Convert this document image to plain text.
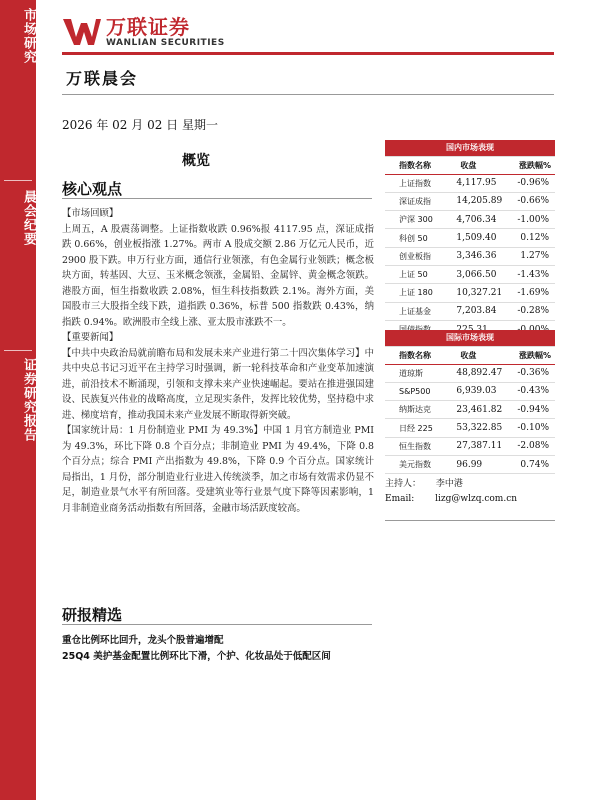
市场研究
晨会纪要
证券研究报告
万联证券
WANLIAN SECURITIES
万联晨会
2026 年 02 月 02 日 星期一
概览
核心观点

【市场回顾】

上周五，A 股震荡调整。上证指数收跌 0.96%报 4117.95 点，深证成指跌 0.66%，创业板指涨 1.27%。两市 A 股成交额 2.86 万亿元人民币，近 2900 股下跌。申万行业方面，通信行业领涨，有色金属行业领跌；概念板块方面，转基因、大豆、玉米概念领涨，金属铅、金属锌、黄金概念领跌。港股方面，恒生指数收跌 2.08%，恒生科技指数跌 2.1%。海外方面，美国股市三大股指全线下跌，道指跌 0.36%，标普 500 指数跌 0.43%，纳指跌 0.94%。欧洲股市全线上涨、亚太股市涨跌不一。

【重要新闻】

【中共中央政治局就前瞻布局和发展未来产业进行第二十四次集体学习】中共中央总书记习近平在主持学习时强调，新一轮科技革命和产业变革加速演进，前沿技术不断涌现，引领和支撑未来产业快速崛起。要站在推进强国建设、民族复兴伟业的战略高度，立足现实条件，发挥比较优势，坚持稳中求进、梯度培育，推动我国未来产业发展不断取得新突破。

【国家统计局：1 月份制造业 PMI 为 49.3%】中国 1 月官方制造业 PMI 为 49.3%，环比下降 0.8 个百分点；非制造业 PMI 为 49.4%，下降 0.8 个百分点；综合 PMI 产出指数为 49.8%，下降 0.9 个百分点。国家统计局指出，1 月份，部分制造业行业进入传统淡季，加之市场有效需求仍显不足，制造业景气水平有所回落。受建筑业等行业景气度下降等因素影响，1 月非制造业商务活动指数有所回落，金融市场活跃度较高。

国内市场表现		
指数名称	收盘	涨跌幅%
上证指数	4,117.95	-0.96%
深证成指	14,205.89	-0.66%
沪深 300	4,706.34	-1.00%
科创 50	1,509.40	0.12%
创业板指	3,346.36	1.27%
上证 50	3,066.50	-1.43%
上证 180	10,327.21	-1.69%
上证基金	7,203.84	-0.28%

国际市场表现		
指数名称	收盘	涨跌幅%
道琼斯	48,892.47	-0.36%
S&P500	6,939.03	-0.43%
纳斯达克	23,461.82	-0.94%
日经 225	53,322.85	-0.10%
恒生指数	27,387.11	-2.08%
美元指数	96.99	0.74%
主持人： 李中港
Email: lizg@wlzq.com.cn
研报精选
重仓比例环比回升，龙头个股普遍增配
25Q4 美护基金配置比例环比下滑，个护、化妆品处于低配区间
